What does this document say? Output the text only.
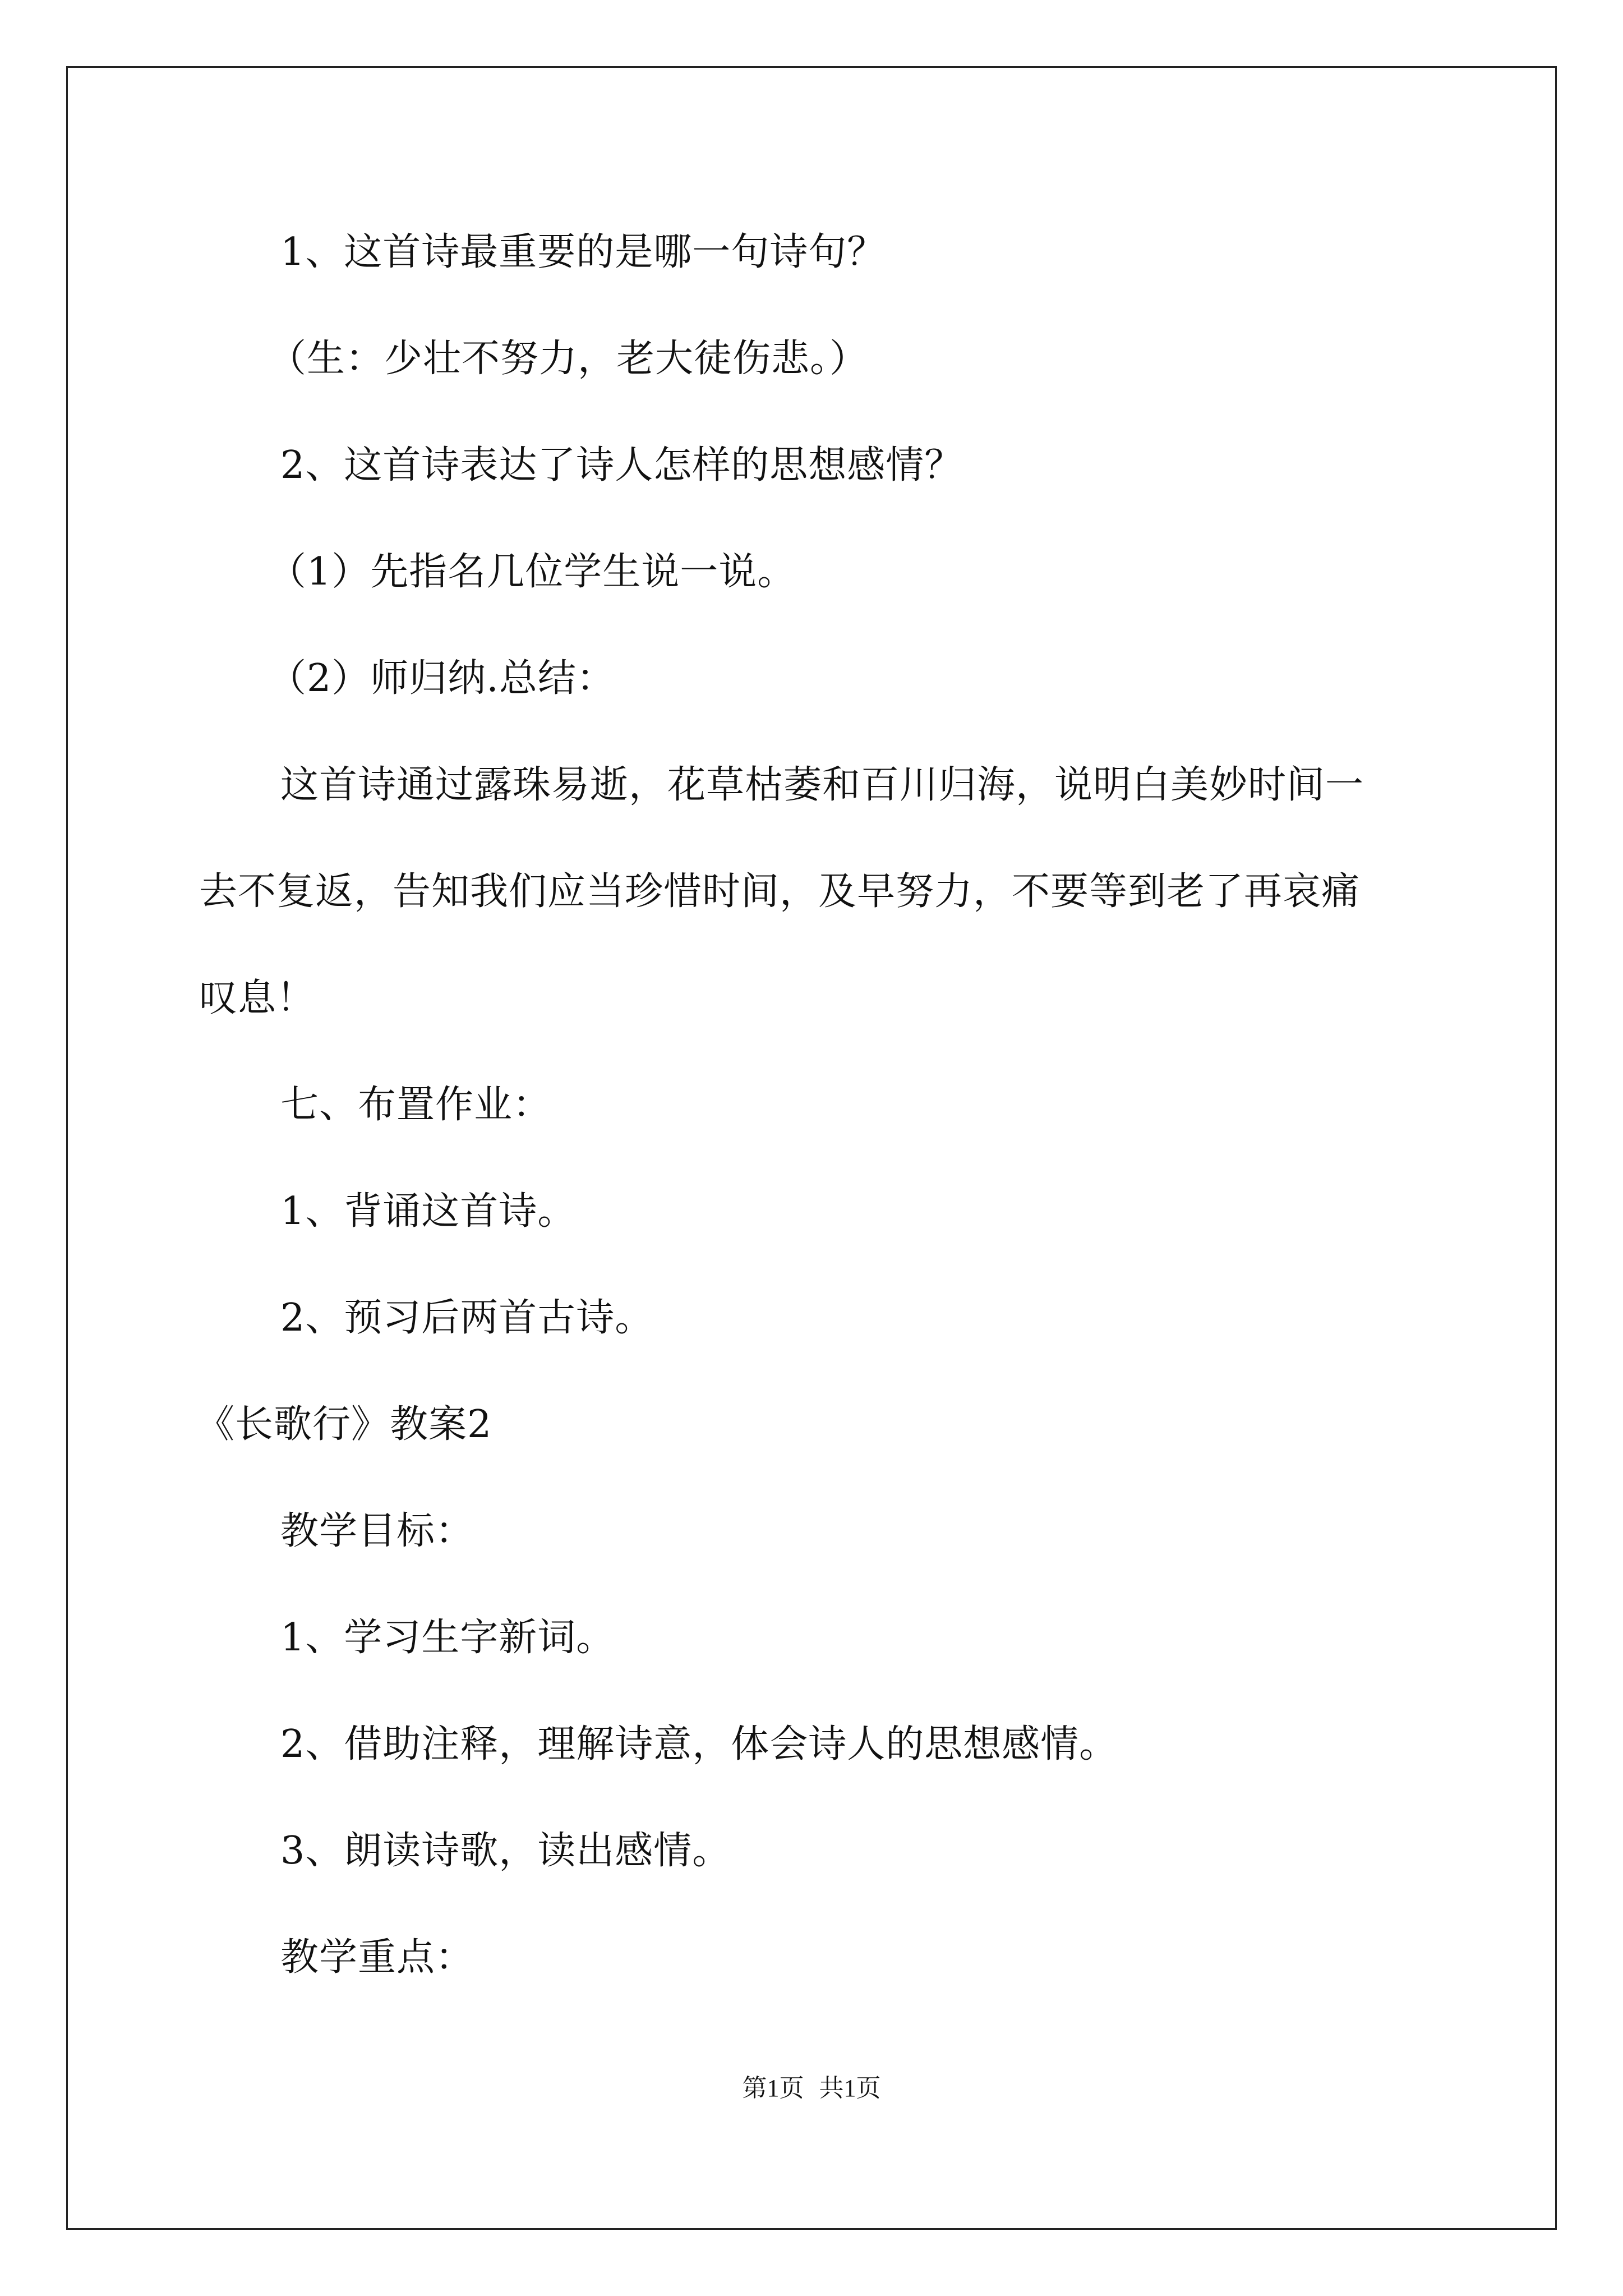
1、这首诗最重要的是哪一句诗句？
（生：少壮不努力，老大徒伤悲。）
2、这首诗表达了诗人怎样的思想感情？
（1）先指名几位学生说一说。
（2）师归纳.总结：
这首诗通过露珠易逝，花草枯萎和百川归海，说明白美妙时间一
去不复返，告知我们应当珍惜时间，及早努力，不要等到老了再哀痛
叹息！
七、布置作业：
1、背诵这首诗。
2、预习后两首古诗。
《长歌行》教案2
教学目标：
1、学习生字新词。
2、借助注释，理解诗意，体会诗人的思想感情。
3、朗读诗歌，读出感情。
教学重点：
第1页 共1页
